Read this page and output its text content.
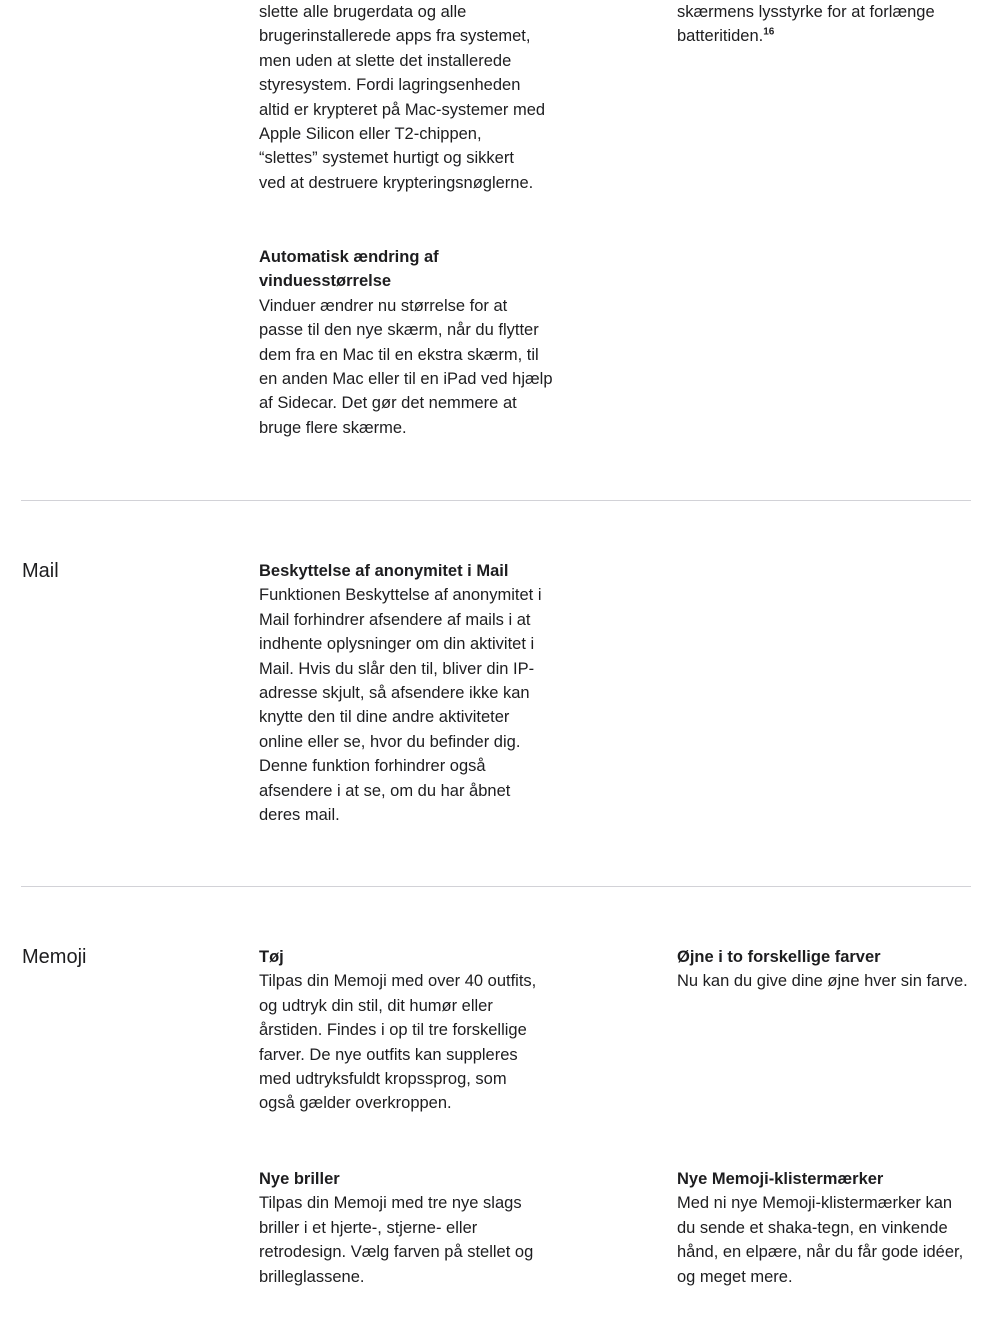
slette alle brugerdata og alle
brugerinstallerede apps fra systemet,
men uden at slette det installerede
styresystem. Fordi lagringsenheden
altid er krypteret på Mac-systemer med
Apple Silicon eller T2-chippen,
“slettes” systemet hurtigt og sikkert
ved at destruere krypteringsnøglerne.
skærmens lysstyrke for at forlænge
batteritiden.$^{16}$
Automatisk ændring af
vinduesstørrelse
Vinduer ændrer nu størrelse for at
passe til den nye skærm, når du flytter
dem fra en Mac til en ekstra skærm, til
en anden Mac eller til en iPad ved hjælp
af Sidecar. Det gør det nemmere at
bruge flere skærme.
Mail	Beskyttelse af anonymitet i Mail
Funktionen Beskyttelse af anonymitet i
Mail forhindrer afsendere af mails i at
indhente oplysninger om din aktivitet i
Mail. Hvis du slår den til, bliver din IP-
adresse skjult, så afsendere ikke kan
knytte den til dine andre aktiviteter
online eller se, hvor du befinder dig.
Denne funktion forhindrer også
afsendere i at se, om du har åbnet
deres mail.
Memoji	Tøj
Tilpas din Memoji med over 40 outfits,
og udtryk din stil, dit humør eller
årstiden. Findes i op til tre forskellige
farver. De nye outfits kan suppleres
med udtryksfuldt kropssprog, som
også gælder overkroppen.
Øjne i to forskellige farver
Nu kan du give dine øjne hver sin farve.
Nye briller
Tilpas din Memoji med tre nye slags
briller i et hjerte-, stjerne- eller
retrodesign. Vælg farven på stellet og
brilleglassene.
Nye Memoji-klistermærker
Med ni nye Memoji-klistermærker kan
du sende et shaka-tegn, en vinkende
hånd, en elpære, når du får gode idéer,
og meget mere.
